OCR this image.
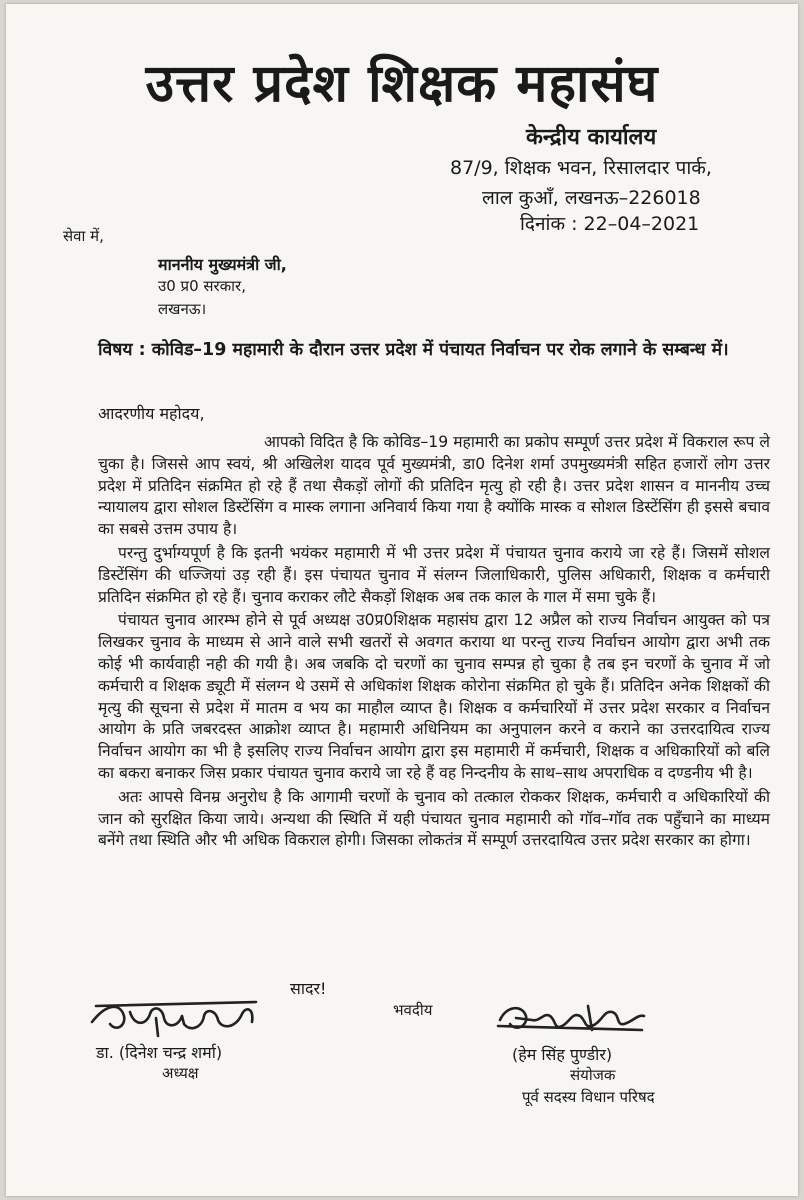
उत्तर प्रदेश शिक्षक महासंघ
केन्द्रीय कार्यालय
87/9, शिक्षक भवन, रिसालदार पार्क,
लाल कुआँ, लखनऊ–226018
दिनांक : 22–04–2021
सेवा में,
माननीय मुख्यमंत्री जी,
उ0 प्र0 सरकार,
लखनऊ।
विषय : कोविड–19 महामारी के दौरान उत्तर प्रदेश में पंचायत निर्वाचन पर रोक लगाने के सम्बन्ध में।
आदरणीय महोदय,

आपको विदित है कि कोविड–19 महामारी का प्रकोप सम्पूर्ण उत्तर प्रदेश में विकराल रूप ले चुका है। जिससे आप स्वयं, श्री अखिलेश यादव पूर्व मुख्यमंत्री, डा0 दिनेश शर्मा उपमुख्यमंत्री सहित हजारों लोग उत्तर प्रदेश में प्रतिदिन संक्रमित हो रहे हैं तथा सैकड़ों लोगों की प्रतिदिन मृत्यु हो रही है। उत्तर प्रदेश शासन व माननीय उच्च न्यायालय द्वारा सोशल डिस्टेंसिंग व मास्क लगाना अनिवार्य किया गया है क्योंकि मास्क व सोशल डिस्टेंसिंग ही इससे बचाव का सबसे उत्तम उपाय है।

परन्तु दुर्भाग्यपूर्ण है कि इतनी भयंकर महामारी में भी उत्तर प्रदेश में पंचायत चुनाव कराये जा रहे हैं। जिसमें सोशल डिस्टेंसिंग की धज्जियां उड़ रही हैं। इस पंचायत चुनाव में संलग्न जिलाधिकारी, पुलिस अधिकारी, शिक्षक व कर्मचारी प्रतिदिन संक्रमित हो रहे हैं। चुनाव कराकर लौटे सैकड़ों शिक्षक अब तक काल के गाल में समा चुके हैं।

पंचायत चुनाव आरम्भ होने से पूर्व अध्यक्ष उ0प्र0शिक्षक महासंघ द्वारा 12 अप्रैल को राज्य निर्वाचन आयुक्त को पत्र लिखकर चुनाव के माध्यम से आने वाले सभी खतरों से अवगत कराया था परन्तु राज्य निर्वाचन आयोग द्वारा अभी तक कोई भी कार्यवाही नही की गयी है। अब जबकि दो चरणों का चुनाव सम्पन्न हो चुका है तब इन चरणों के चुनाव में जो कर्मचारी व शिक्षक ड्यूटी में संलग्न थे उसमें से अधिकांश शिक्षक कोरोना संक्रमित हो चुके हैं। प्रतिदिन अनेक शिक्षकों की मृत्यु की सूचना से प्रदेश में मातम व भय का माहौल व्याप्त है। शिक्षक व कर्मचारियों में उत्तर प्रदेश सरकार व निर्वाचन आयोग के प्रति जबरदस्त आक्रोश व्याप्त है। महामारी अधिनियम का अनुपालन करने व कराने का उत्तरदायित्व राज्य निर्वाचन आयोग का भी है इसलिए राज्य निर्वाचन आयोग द्वारा इस महामारी में कर्मचारी, शिक्षक व अधिकारियों को बलि का बकरा बनाकर जिस प्रकार पंचायत चुनाव कराये जा रहे हैं वह निन्दनीय के साथ–साथ अपराधिक व दण्डनीय भी है।

अतः आपसे विनम्र अनुरोध है कि आगामी चरणों के चुनाव को तत्काल रोककर शिक्षक, कर्मचारी व अधिकारियों की जान को सुरक्षित किया जाये। अन्यथा की स्थिति में यही पंचायत चुनाव महामारी को गॉव–गॉव तक पहुँचाने का माध्यम बनेंगे तथा स्थिति और भी अधिक विकराल होगी। जिसका लोकतंत्र में सम्पूर्ण उत्तरदायित्व उत्तर प्रदेश सरकार का होगा।

सादर!
भवदीय
डा. (दिनेश चन्द्र शर्मा)
अध्यक्ष
(हेम सिंह पुण्डीर)
संयोजक
पूर्व सदस्य विधान परिषद
